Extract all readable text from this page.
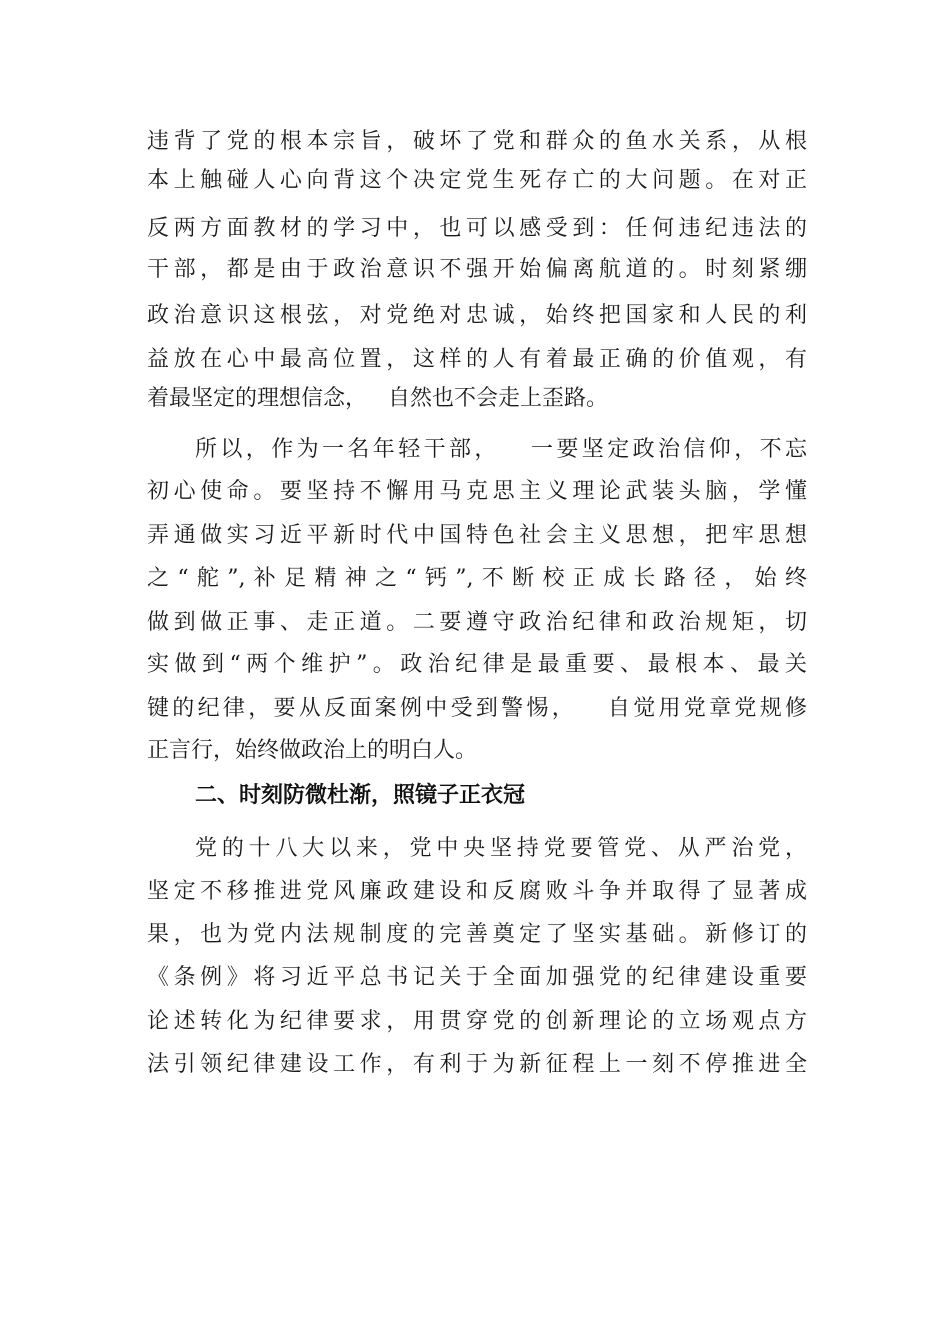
违背了党的根本宗旨，破坏了党和群众的鱼水关系，从根
本上触碰人心向背这个决定党生死存亡的大问题。在对正
反两方面教材的学习中，也可以感受到：任何违纪违法的
干部，都是由于政治意识不强开始偏离航道的。时刻紧绷
政治意识这根弦，对党绝对忠诚，始终把国家和人民的利
益放在心中最高位置，这样的人有着最正确的价值观，有
着最坚定的理想信念，   自然也不会走上歪路。
所以，作为一名年轻干部，   一要坚定政治信仰，不忘
初心使命。要坚持不懈用马克思主义理论武装头脑，学懂
弄通做实习近平新时代中国特色社会主义思想，把牢思想
之“舵”,补足精神之“钙”,不断校正成长路径，始终
做到做正事、走正道。二要遵守政治纪律和政治规矩，切
实做到“两个维护”。政治纪律是最重要、最根本、最关
键的纪律，要从反面案例中受到警惕，   自觉用党章党规修
正言行，始终做政治上的明白人。
二、时刻防微杜渐，照镜子正衣冠
党的十八大以来，党中央坚持党要管党、从严治党，
坚定不移推进党风廉政建设和反腐败斗争并取得了显著成
果，也为党内法规制度的完善奠定了坚实基础。新修订的
《条例》将习近平总书记关于全面加强党的纪律建设重要
论述转化为纪律要求，用贯穿党的创新理论的立场观点方
法引领纪律建设工作，有利于为新征程上一刻不停推进全
